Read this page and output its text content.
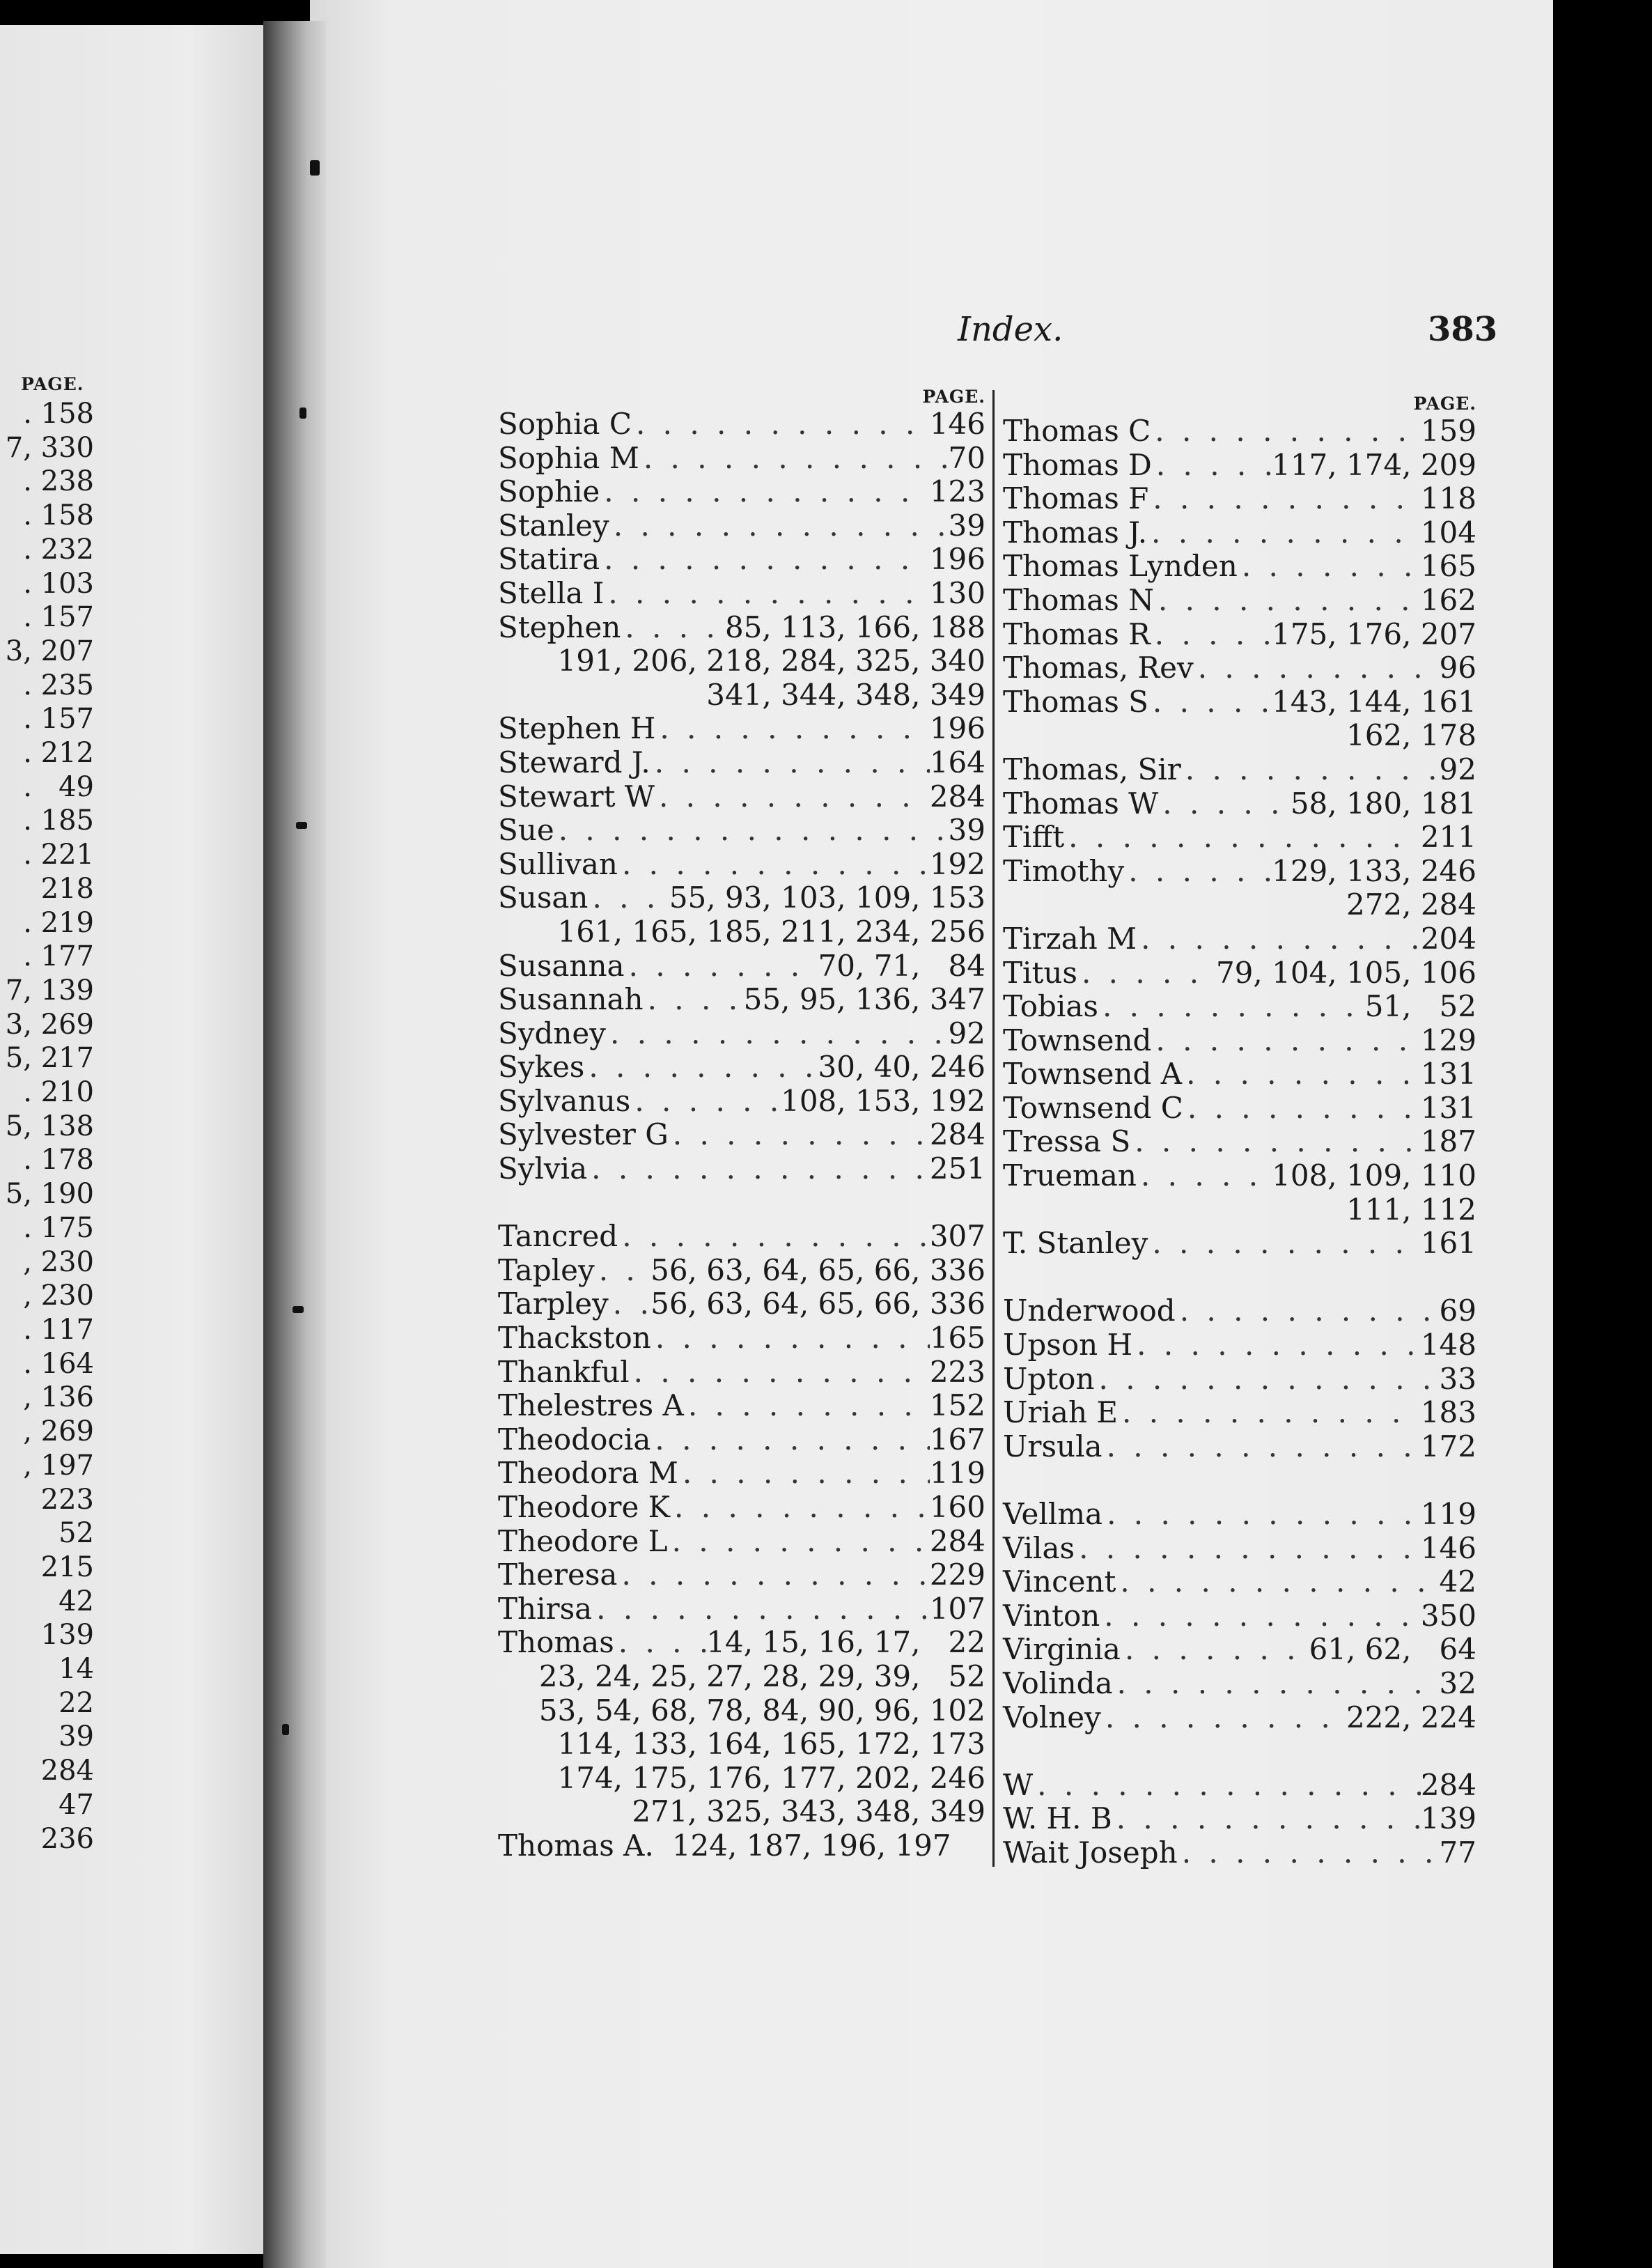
PAGE.
. 158
7, 330
. 238
. 158
. 232
. 103
. 157
3, 207
. 235
. 157
. 212
.   49
. 185
. 221
218
. 219
. 177
7, 139
3, 269
5, 217
. 210
5, 138
. 178
5, 190
. 175
, 230
, 230
. 117
. 164
, 136
, 269
, 197
223
52
215
42
139
14
22
39
284
47
236
Index.	383
PAGE.
Sophia C . . .	146
Sophia M . . .	70
Sophie . . .	123
Stanley . . .	39
Statira . . .	196
Stella I . . .	130
Stephen . . .	85, 113, 166, 188
191, 206, 218, 284, 325, 340
341, 344, 348, 349
Stephen H . . .	196
Steward J. . . .	164
Stewart W . . .	284
Sue . . .	39
Sullivan . . .	192
Susan . . .	55, 93, 103, 109, 153
161, 165, 185, 211, 234, 256
Susanna . . .	70, 71,   84
Susannah . . .	55, 95, 136, 347
Sydney . . .	92
Sykes . . .	30, 40, 246
Sylvanus . . .	108, 153, 192
Sylvester G . . .	284
Sylvia . . .	251
Tancred . . .	307
Tapley . . . 56, 63, 64, 65, 66, 336
Tarpley . . . 56, 63, 64, 65, 66, 336
Thackston . . .	165
Thankful . . .	223
Thelestres A . . .	152
Theodocia . . .	167
Theodora M . . .	119
Theodore K . . .	160
Theodore L . . .	284
Theresa . . .	229
Thirsa . . .	107
Thomas . . .	14, 15, 16, 17,   22
23, 24, 25, 27, 28, 29, 39,   52
53, 54, 68, 78, 84, 90, 96, 102
114, 133, 164, 165, 172, 173
174, 175, 176, 177, 202, 246
271, 325, 343, 348, 349
Thomas A. 124, 187, 196, 197
PAGE.
Thomas C . . .	159
Thomas D . . .	117, 174, 209
Thomas F . . .	118
Thomas J. . . .	104
Thomas Lynden . . .	165
Thomas N . . .	162
Thomas R . . .	175, 176, 207
Thomas, Rev . . .	96
Thomas S . . .	143, 144, 161
162, 178
Thomas, Sir . . .	92
Thomas W . . .	58, 180, 181
Tifft . . .	211
Timothy . . .	129, 133, 246
272, 284
Tirzah M . . .	204
Titus . . .	79, 104, 105, 106
Tobias . . .	51,   52
Townsend . . .	129
Townsend A . . .	131
Townsend C . . .	131
Tressa S . . .	187
Trueman . . .	108, 109, 110
111, 112
T. Stanley . . .	161
Underwood . . .	69
Upson H . . .	148
Upton . . .	33
Uriah E . . .	183
Ursula . . .	172
Vellma . . .	119
Vilas . . .	146
Vincent . . .	42
Vinton . . .	350
Virginia . . .	61, 62,   64
Volinda . . .	32
Volney . . .	222, 224
W . . .	284
W. H. B . . .	139
Wait Joseph . . .	77
